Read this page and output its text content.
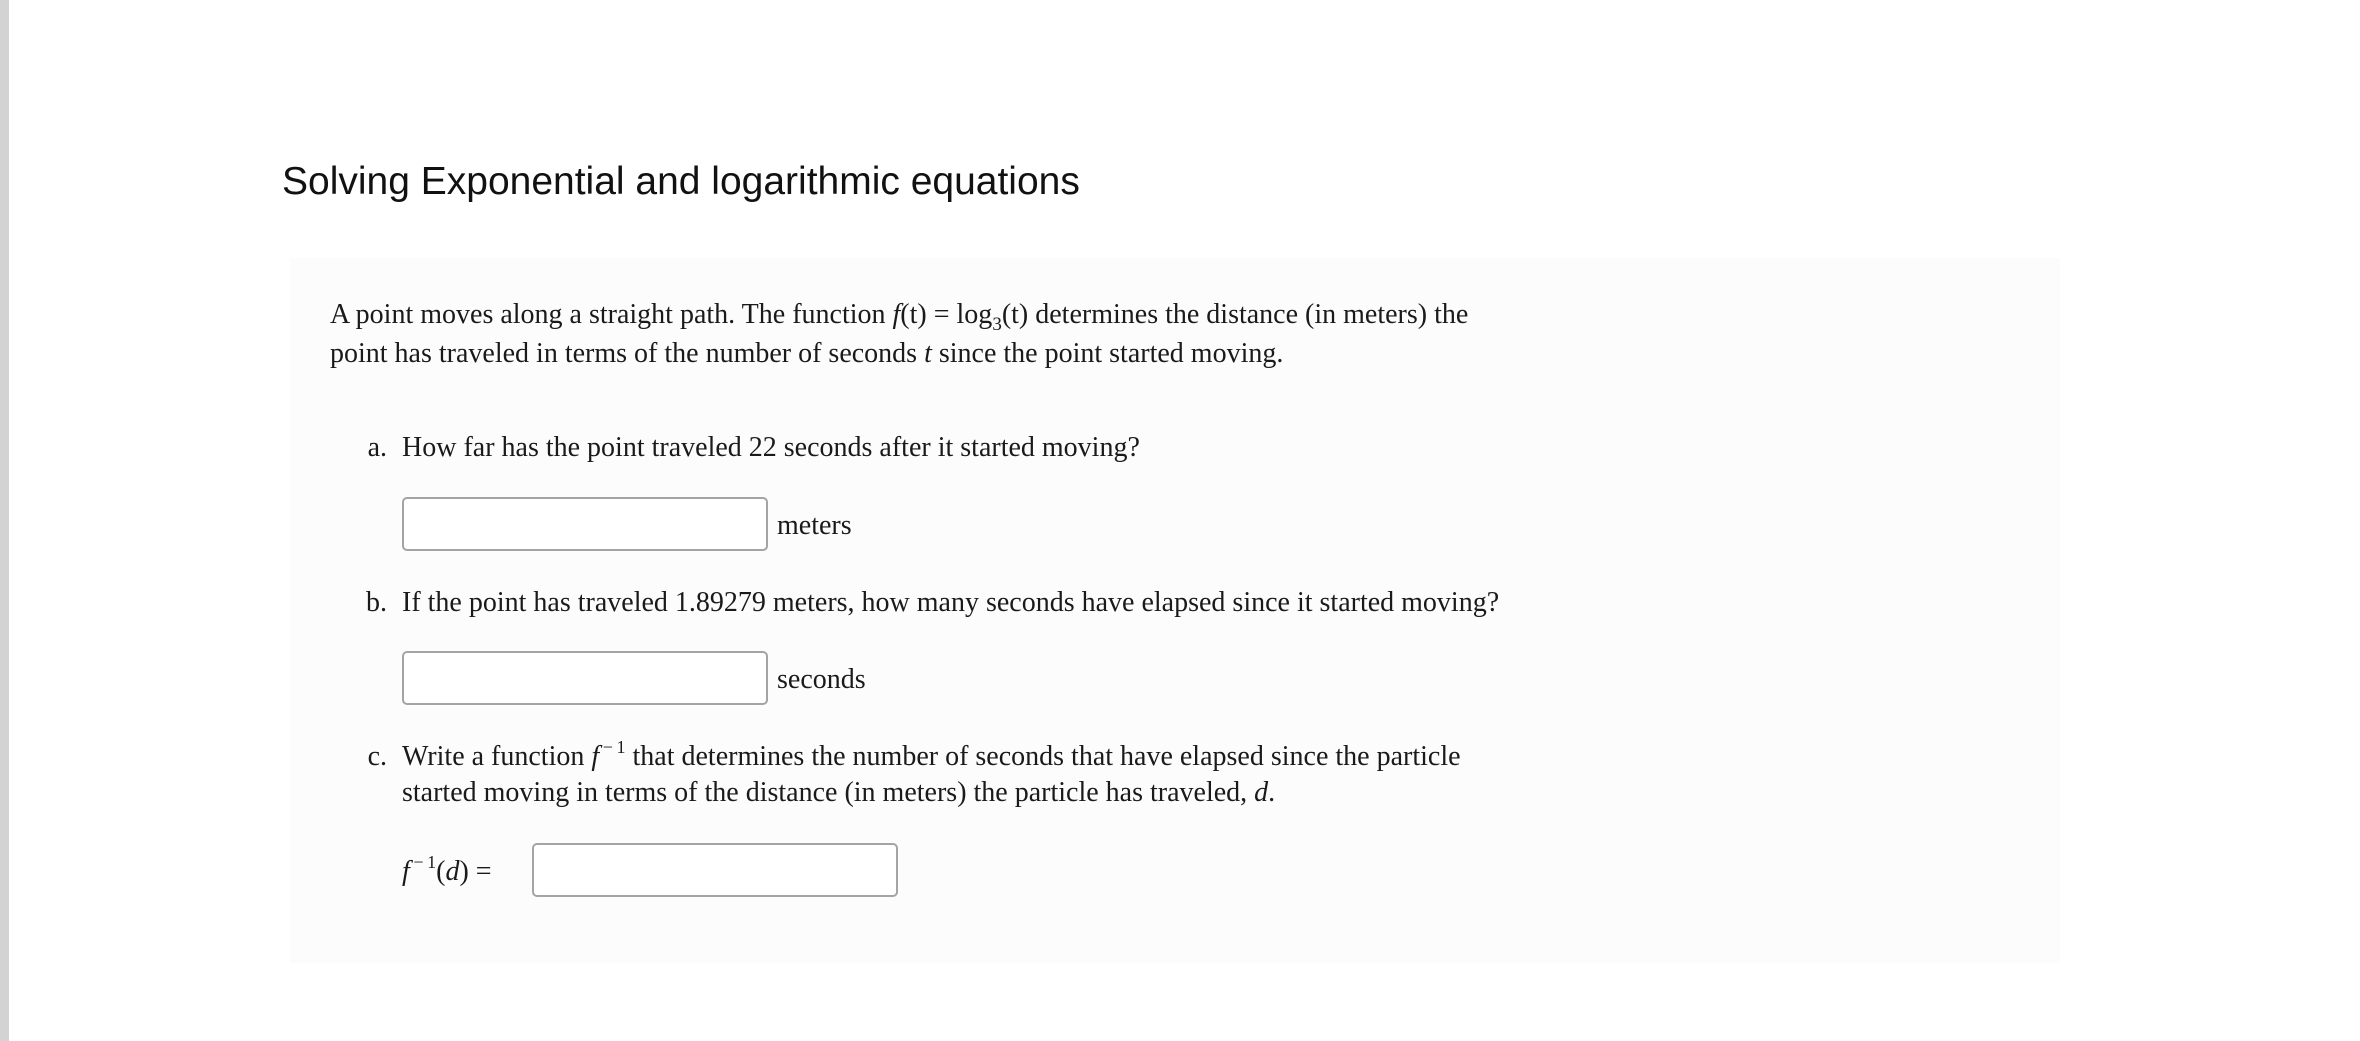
Solving Exponential and logarithmic equations
A point moves along a straight path. The function $f(t) = \log_3(t)$ determines the distance (in meters) the
point has traveled in terms of the number of seconds t since the point started moving.
a. How far has the point traveled 22 seconds after it started moving?
meters
b. If the point has traveled 1.89279 meters, how many seconds have elapsed since it started moving?
seconds
c. Write a function f $^{- 1}$ that determines the number of seconds that have elapsed since the particle
started moving in terms of the distance (in meters) the particle has traveled, d.
f $^{- 1}$(d) =
